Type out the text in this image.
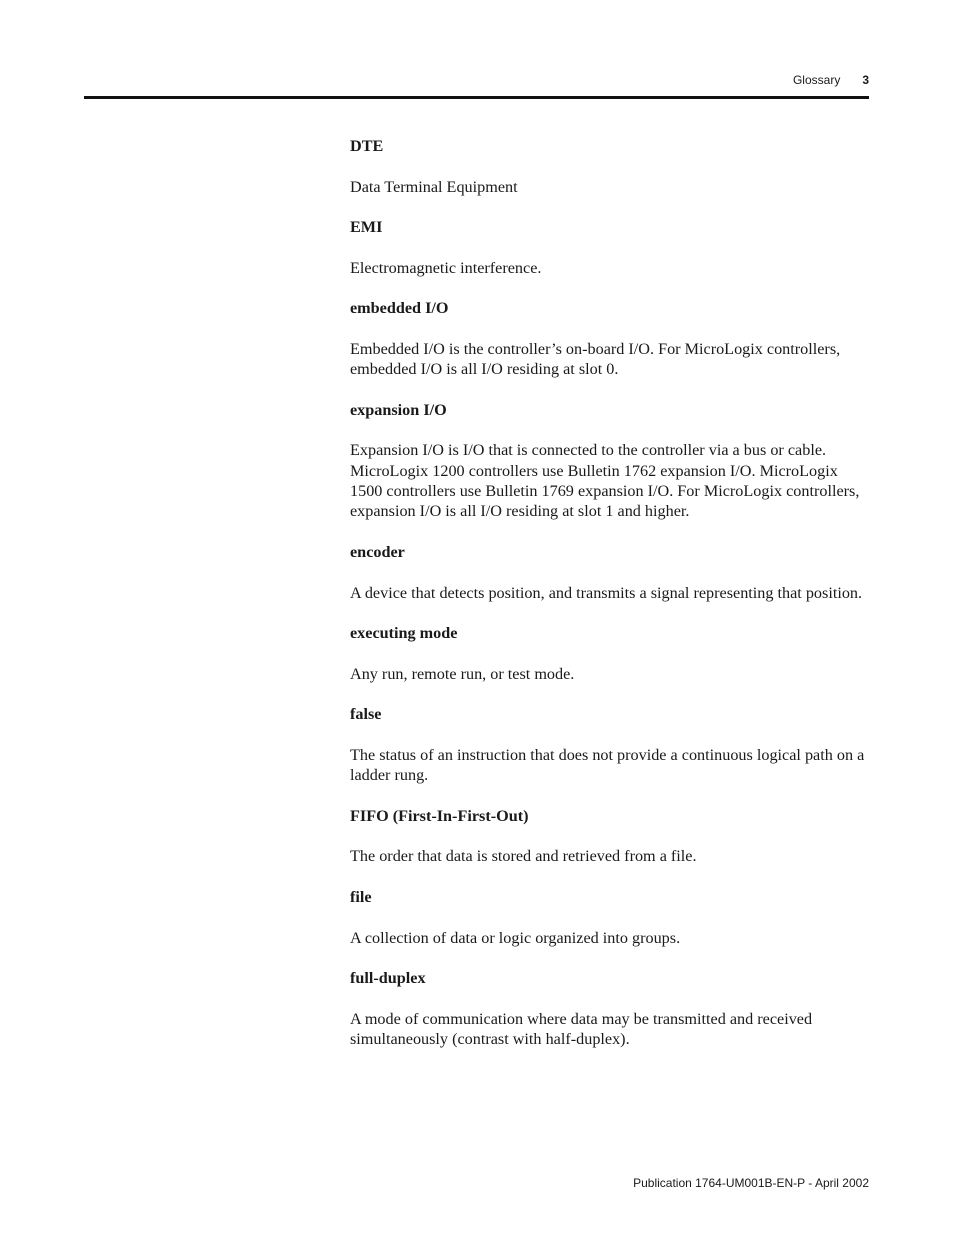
Glossary 3

DTE

Data Terminal Equipment

EMI

Electromagnetic interference.

embedded I/O

Embedded I/O is the controller’s on-board I/O. For MicroLogix controllers, embedded I/O is all I/O residing at slot 0.

expansion I/O

Expansion I/O is I/O that is connected to the controller via a bus or cable. MicroLogix 1200 controllers use Bulletin 1762 expansion I/O. MicroLogix 1500 controllers use Bulletin 1769 expansion I/O. For MicroLogix controllers, expansion I/O is all I/O residing at slot 1 and higher.

encoder

A device that detects position, and transmits a signal representing that position.

executing mode

Any run, remote run, or test mode.

false

The status of an instruction that does not provide a continuous logical path on a ladder rung.

FIFO (First-In-First-Out)

The order that data is stored and retrieved from a file.

file

A collection of data or logic organized into groups.

full-duplex

A mode of communication where data may be transmitted and received simultaneously (contrast with half-duplex).

Publication 1764-UM001B-EN-P - April 2002
